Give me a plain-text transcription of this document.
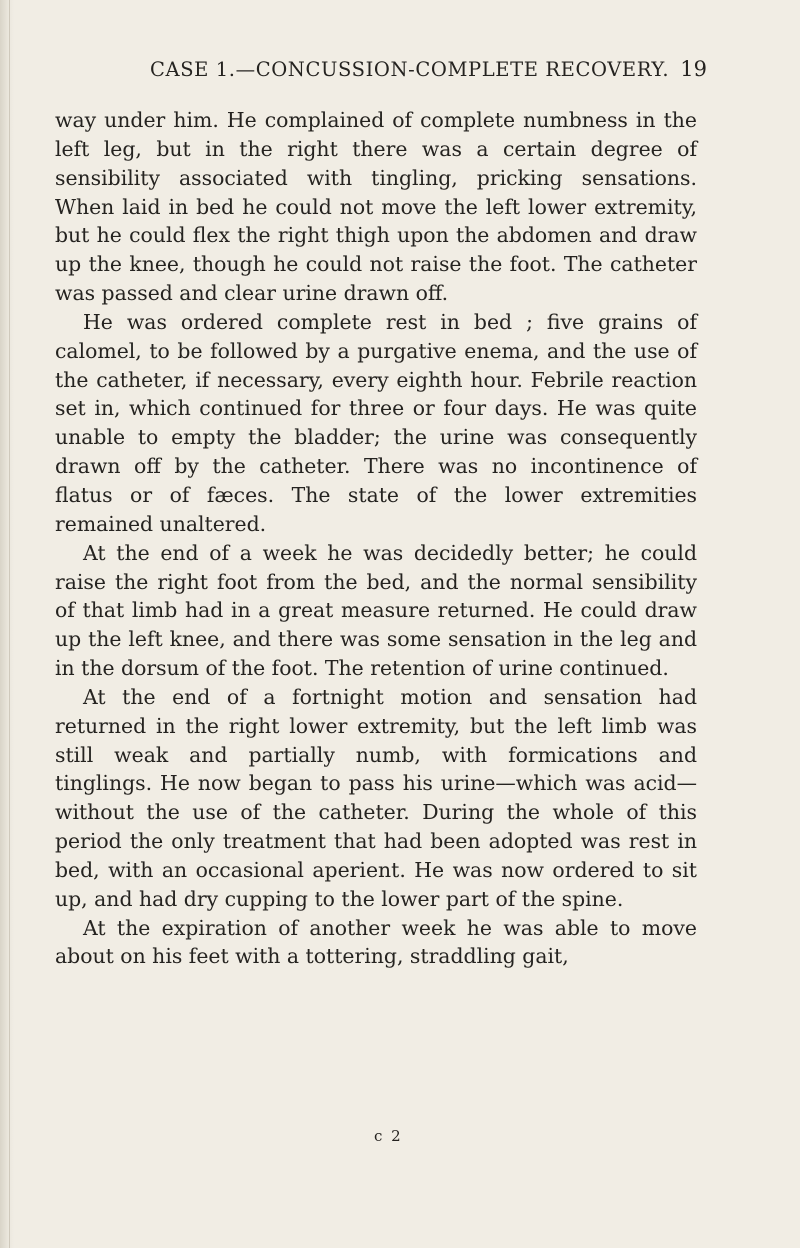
CASE 1.—CONCUSSION-COMPLETE RECOVERY. 19

way under him. He complained of complete numbness in the left leg, but in the right there was a certain degree of sensibility associated with tingling, pricking sensations. When laid in bed he could not move the left lower extremity, but he could flex the right thigh upon the abdomen and draw up the knee, though he could not raise the foot. The catheter was passed and clear urine drawn off.

He was ordered complete rest in bed ; five grains of calomel, to be followed by a purgative enema, and the use of the catheter, if necessary, every eighth hour. Febrile reaction set in, which continued for three or four days. He was quite unable to empty the bladder; the urine was consequently drawn off by the catheter. There was no incontinence of flatus or of fæces. The state of the lower extremities remained unaltered.

At the end of a week he was decidedly better; he could raise the right foot from the bed, and the normal sensibility of that limb had in a great measure returned. He could draw up the left knee, and there was some sensation in the leg and in the dorsum of the foot. The retention of urine continued.

At the end of a fortnight motion and sensation had returned in the right lower extremity, but the left limb was still weak and partially numb, with formications and tinglings. He now began to pass his urine—which was acid—without the use of the catheter. During the whole of this period the only treatment that had been adopted was rest in bed, with an occasional aperient. He was now ordered to sit up, and had dry cupping to the lower part of the spine.

At the expiration of another week he was able to move about on his feet with a tottering, straddling gait,

c 2
